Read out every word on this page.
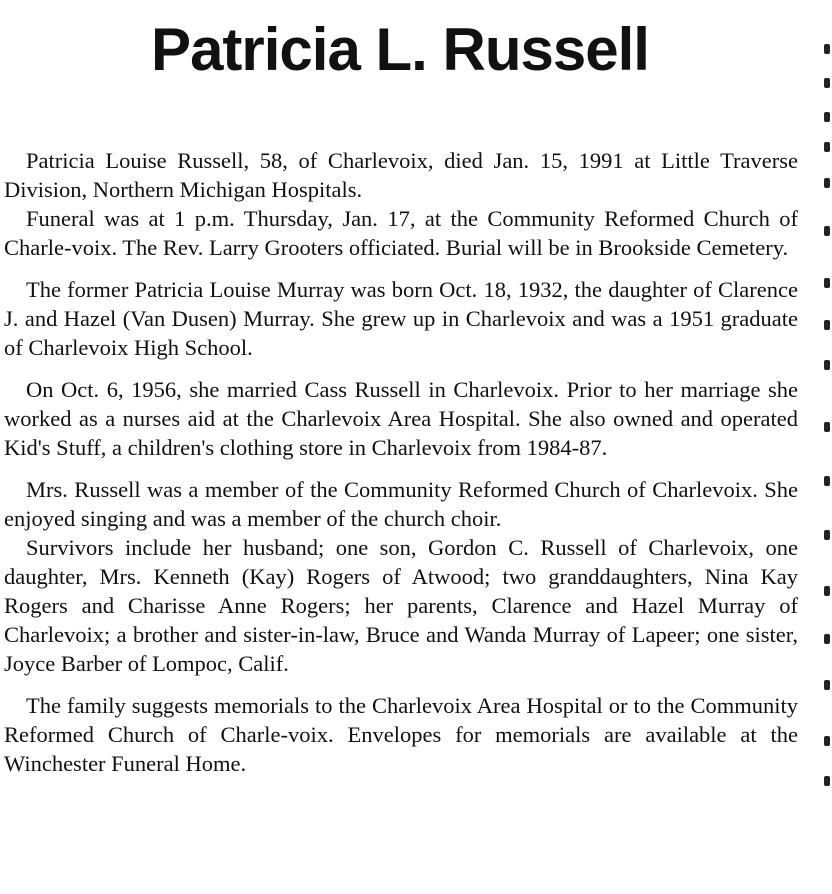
Patricia L. Russell

Patricia Louise Russell, 58, of Charlevoix, died Jan. 15, 1991 at Little Traverse Division, Northern Michigan Hospitals.

Funeral was at 1 p.m. Thursday, Jan. 17, at the Community Reformed Church of Charle-voix. The Rev. Larry Grooters officiated. Burial will be in Brookside Cemetery.

The former Patricia Louise Murray was born Oct. 18, 1932, the daughter of Clarence J. and Hazel (Van Dusen) Murray. She grew up in Charlevoix and was a 1951 graduate of Charlevoix High School.

On Oct. 6, 1956, she married Cass Russell in Charlevoix. Prior to her marriage she worked as a nurses aid at the Charlevoix Area Hospital. She also owned and operated Kid's Stuff, a children's clothing store in Charlevoix from 1984-87.

Mrs. Russell was a member of the Community Reformed Church of Charlevoix. She enjoyed singing and was a member of the church choir.

Survivors include her husband; one son, Gordon C. Russell of Charlevoix, one daughter, Mrs. Kenneth (Kay) Rogers of Atwood; two granddaughters, Nina Kay Rogers and Charisse Anne Rogers; her parents, Clarence and Hazel Murray of Charlevoix; a brother and sister-in-law, Bruce and Wanda Murray of Lapeer; one sister, Joyce Barber of Lompoc, Calif.

The family suggests memorials to the Charlevoix Area Hospital or to the Community Reformed Church of Charle-voix. Envelopes for memorials are available at the Winchester Funeral Home.
